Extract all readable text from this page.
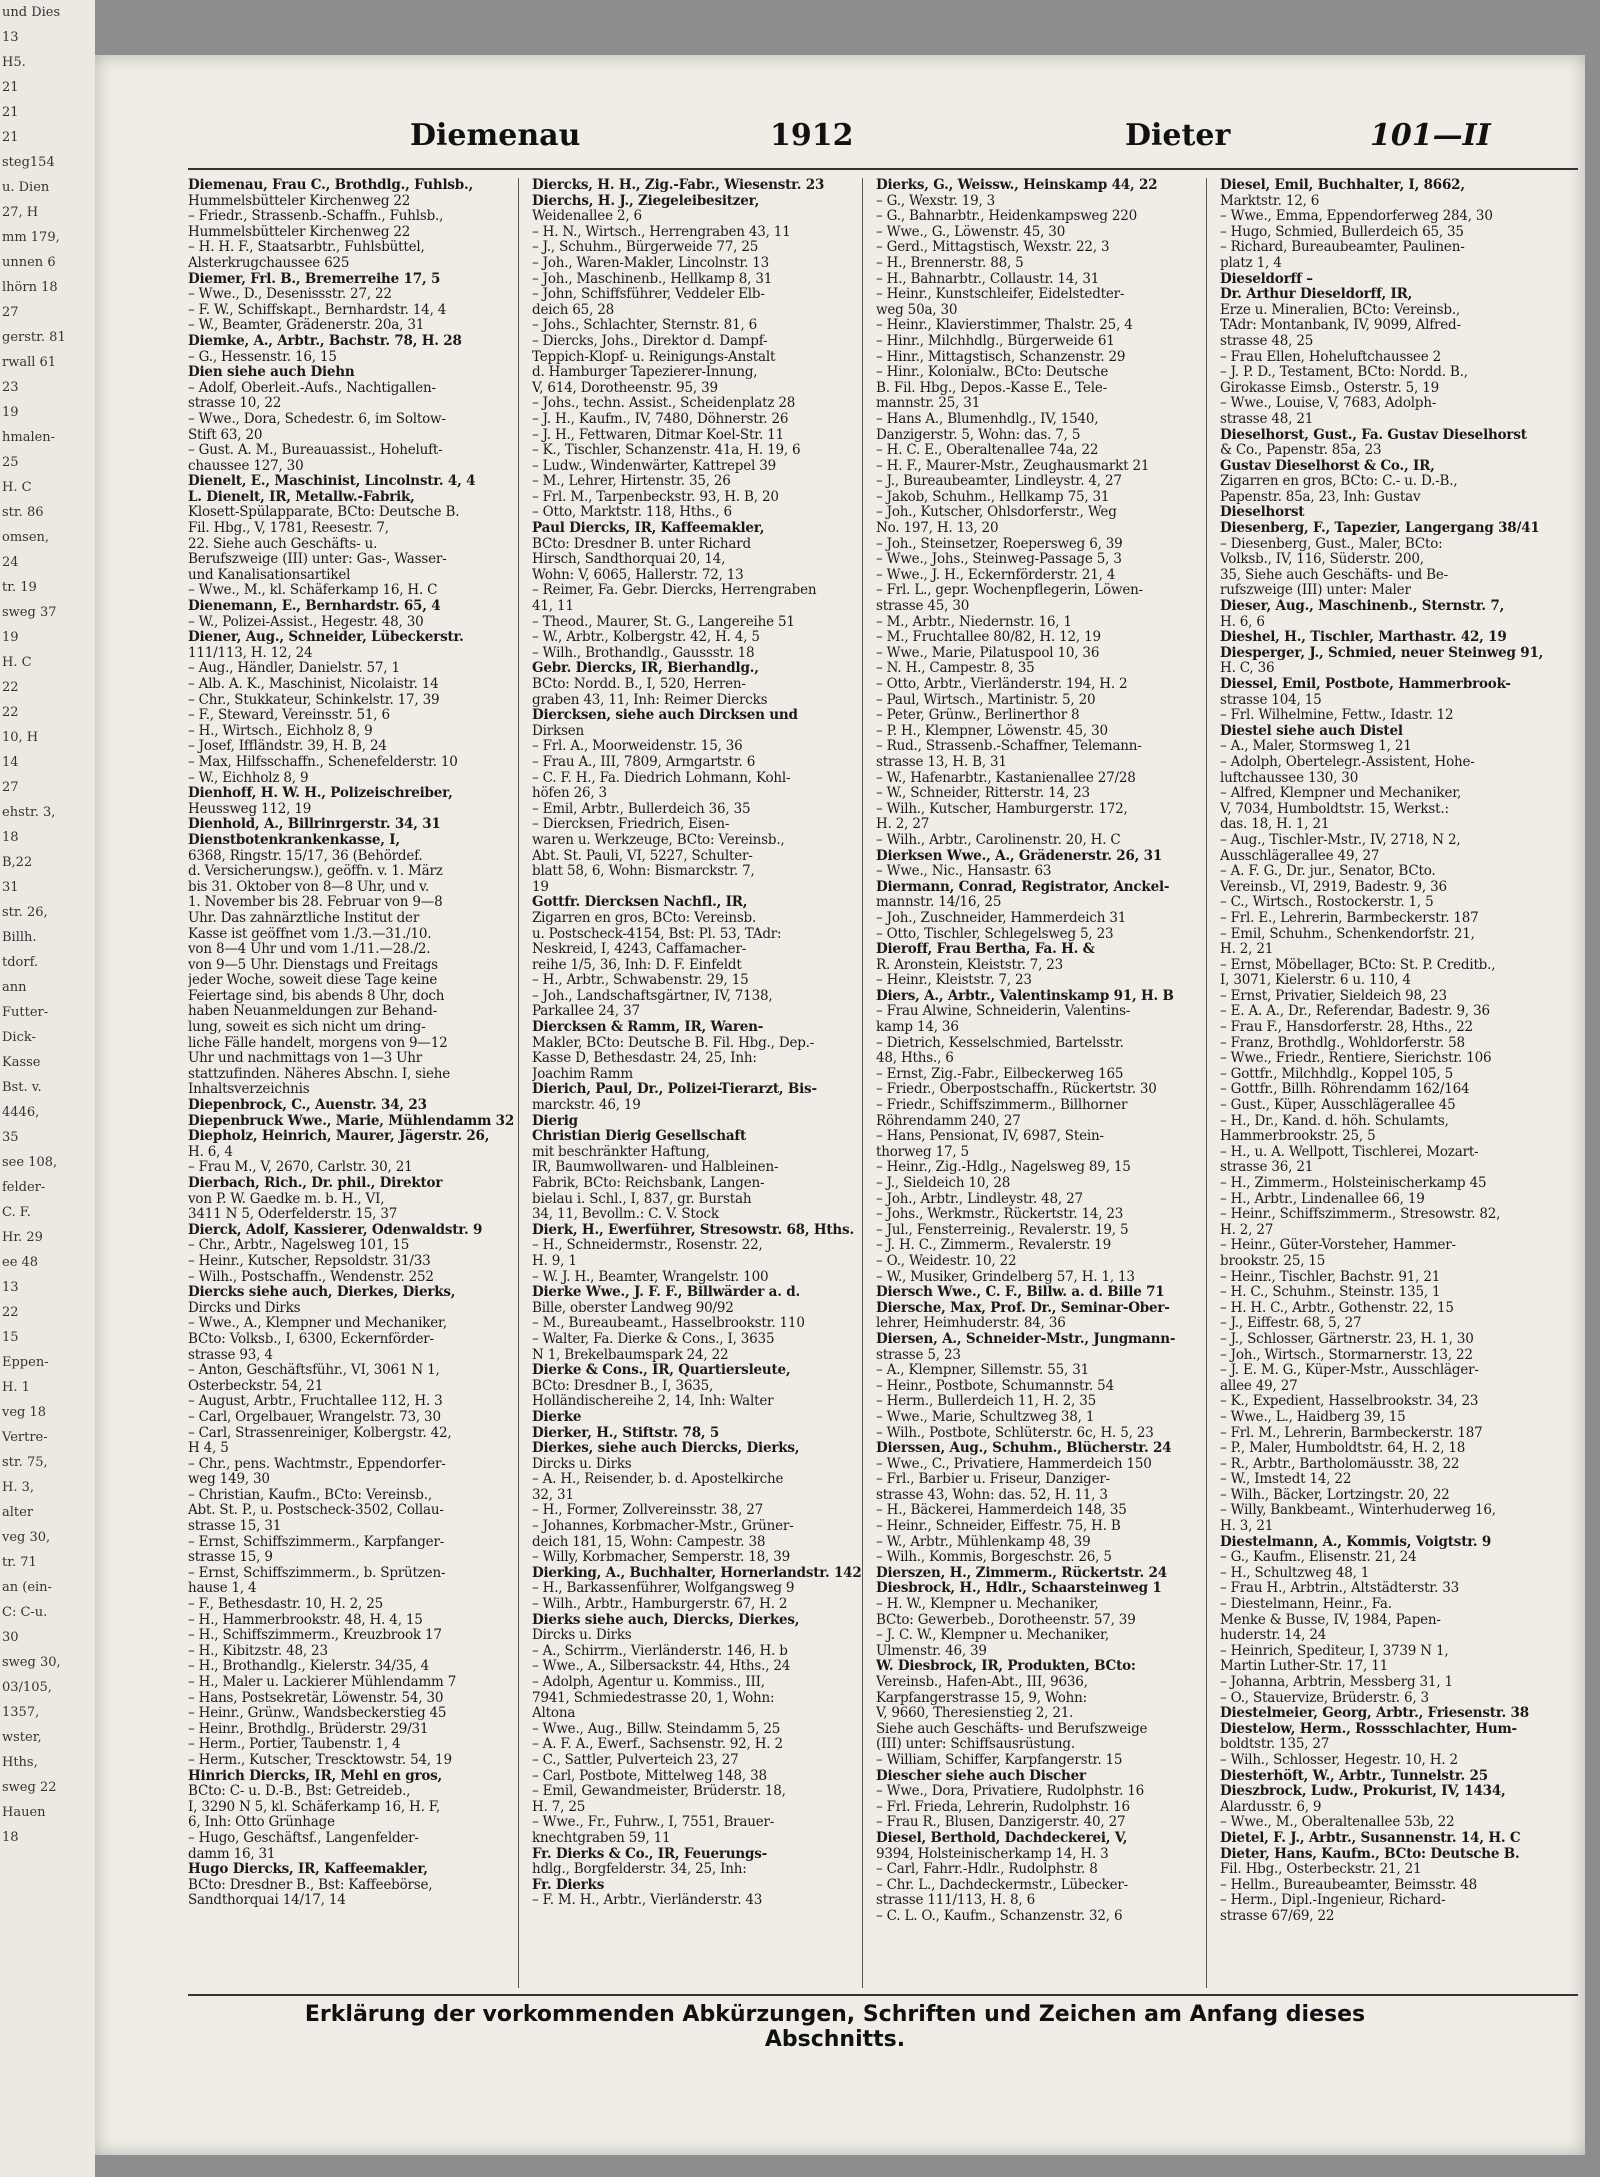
und Dies
13
H5.
21
21
21
steg154
u. Dien
27, H
mm 179,
unnen 6
lhörn 18
27
gerstr. 81
rwall 61
23
19
hmalen-
25
H. C
str. 86
omsen,
24
tr. 19
sweg 37
19
H. C
22
22
10, H
14
27
ehstr. 3,
18
B,22
31
str. 26,
Billh.
tdorf.
ann
Futter-
Dick-
Kasse
Bst. v.
4446,
35
see 108,
felder-
C. F.
Hr. 29
ee 48
13
22
15
Eppen-
H. 1
veg 18
Vertre-
str. 75,
H. 3,
alter
veg 30,
tr. 71
an (ein-
C: C-u.
30
sweg 30,
03/105,
1357,
wster,
Hths,
sweg 22
Hauen
18
Diemenau	1912	Dieter	101—II
Diemenau, Frau C., Brothdlg., Fuhlsb.,
Hummelsbütteler Kirchenweg 22
– Friedr., Strassenb.-Schaffn., Fuhlsb.,
Hummelsbütteler Kirchenweg 22
– H. H. F., Staatsarbtr., Fuhlsbüttel,
Alsterkrugchaussee 625
Diemer, Frl. B., Bremerreihe 17, 5
– Wwe., D., Desenissstr. 27, 22
– F. W., Schiffskapt., Bernhardstr. 14, 4
– W., Beamter, Grädenerstr. 20a, 31
Diemke, A., Arbtr., Bachstr. 78, H. 28
– G., Hessenstr. 16, 15
Dien siehe auch Diehn
– Adolf, Oberleit.-Aufs., Nachtigallen-
strasse 10, 22
– Wwe., Dora, Schedestr. 6, im Soltow-
Stift 63, 20
– Gust. A. M., Bureauassist., Hoheluft-
chaussee 127, 30
Dienelt, E., Maschinist, Lincolnstr. 4, 4
L. Dienelt, IR, Metallw.-Fabrik,
Klosett-Spülapparate, BCto: Deutsche B.
Fil. Hbg., V, 1781, Reesestr. 7,
22. Siehe auch Geschäfts- u.
Berufszweige (III) unter: Gas-, Wasser-
und Kanalisationsartikel
– Wwe., M., kl. Schäferkamp 16, H. C
Dienemann, E., Bernhardstr. 65, 4
– W., Polizei-Assist., Hegestr. 48, 30
Diener, Aug., Schneider, Lübeckerstr.
111/113, H. 12, 24
– Aug., Händler, Danielstr. 57, 1
– Alb. A. K., Maschinist, Nicolaistr. 14
– Chr., Stukkateur, Schinkelstr. 17, 39
– F., Steward, Vereinsstr. 51, 6
– H., Wirtsch., Eichholz 8, 9
– Josef, Iffländstr. 39, H. B, 24
– Max, Hilfsschaffn., Schenefelderstr. 10
– W., Eichholz 8, 9
Dienhoff, H. W. H., Polizeischreiber,
Heussweg 112, 19
Dienhold, A., Billrinrgerstr. 34, 31
Dienstbotenkrankenkasse, I,
6368, Ringstr. 15/17, 36 (Behördef.
d. Versicherungsw.), geöffn. v. 1. März
bis 31. Oktober von 8—8 Uhr, und v.
1. November bis 28. Februar von 9—8
Uhr. Das zahnärztliche Institut der
Kasse ist geöffnet vom 1./3.—31./10.
von 8—4 Uhr und vom 1./11.—28./2.
von 9—5 Uhr. Dienstags und Freitags
jeder Woche, soweit diese Tage keine
Feiertage sind, bis abends 8 Uhr, doch
haben Neuanmeldungen zur Behand-
lung, soweit es sich nicht um dring-
liche Fälle handelt, morgens von 9—12
Uhr und nachmittags von 1—3 Uhr
stattzufinden. Näheres Abschn. I, siehe
Inhaltsverzeichnis
Diepenbrock, C., Auenstr. 34, 23
Diepenbruck Wwe., Marie, Mühlendamm 32
Diepholz, Heinrich, Maurer, Jägerstr. 26,
H. 6, 4
– Frau M., V, 2670, Carlstr. 30, 21
Dierbach, Rich., Dr. phil., Direktor
von P. W. Gaedke m. b. H., VI,
3411 N 5, Oderfelderstr. 15, 37
Dierck, Adolf, Kassierer, Odenwaldstr. 9
– Chr., Arbtr., Nagelsweg 101, 15
– Heinr., Kutscher, Repsoldstr. 31/33
– Wilh., Postschaffn., Wendenstr. 252
Diercks siehe auch, Dierkes, Dierks,
Dircks und Dirks
– Wwe., A., Klempner und Mechaniker,
BCto: Volksb., I, 6300, Eckernförder-
strasse 93, 4
– Anton, Geschäftsführ., VI, 3061 N 1,
Osterbeckstr. 54, 21
– August, Arbtr., Fruchtallee 112, H. 3
– Carl, Orgelbauer, Wrangelstr. 73, 30
– Carl, Strassenreiniger, Kolbergstr. 42,
H 4, 5
– Chr., pens. Wachtmstr., Eppendorfer-
weg 149, 30
– Christian, Kaufm., BCto: Vereinsb.,
Abt. St. P., u. Postscheck-3502, Collau-
strasse 15, 31
– Ernst, Schiffszimmerm., Karpfanger-
strasse 15, 9
– Ernst, Schiffszimmerm., b. Sprützen-
hause 1, 4
– F., Bethesdastr. 10, H. 2, 25
– H., Hammerbrookstr. 48, H. 4, 15
– H., Schiffszimmerm., Kreuzbrook 17
– H., Kibitzstr. 48, 23
– H., Brothandlg., Kielerstr. 34/35, 4
– H., Maler u. Lackierer Mühlendamm 7
– Hans, Postsekretär, Löwenstr. 54, 30
– Heinr., Grünw., Wandsbeckerstieg 45
– Heinr., Brothdlg., Brüderstr. 29/31
– Herm., Portier, Taubenstr. 1, 4
– Herm., Kutscher, Trescktowstr. 54, 19
Hinrich Diercks, IR, Mehl en gros,
BCto: C- u. D.-B., Bst: Getreideb.,
I, 3290 N 5, kl. Schäferkamp 16, H. F,
6, Inh: Otto Grünhage
– Hugo, Geschäftsf., Langenfelder-
damm 16, 31
Hugo Diercks, IR, Kaffeemakler,
BCto: Dresdner B., Bst: Kaffeebörse,
Sandthorquai 14/17, 14
Diercks, H. H., Zig.-Fabr., Wiesenstr. 23
Dierchs, H. J., Ziegeleibesitzer,
Weidenallee 2, 6
– H. N., Wirtsch., Herrengraben 43, 11
– J., Schuhm., Bürgerweide 77, 25
– Joh., Waren-Makler, Lincolnstr. 13
– Joh., Maschinenb., Hellkamp 8, 31
– John, Schiffsführer, Veddeler Elb-
deich 65, 28
– Johs., Schlachter, Sternstr. 81, 6
– Diercks, Johs., Direktor d. Dampf-
Teppich-Klopf- u. Reinigungs-Anstalt
d. Hamburger Tapezierer-Innung,
V, 614, Dorotheenstr. 95, 39
– Johs., techn. Assist., Scheidenplatz 28
– J. H., Kaufm., IV, 7480, Döhnerstr. 26
– J. H., Fettwaren, Ditmar Koel-Str. 11
– K., Tischler, Schanzenstr. 41a, H. 19, 6
– Ludw., Windenwärter, Kattrepel 39
– M., Lehrer, Hirtenstr. 35, 26
– Frl. M., Tarpenbeckstr. 93, H. B, 20
– Otto, Marktstr. 118, Hths., 6
Paul Diercks, IR, Kaffeemakler,
BCto: Dresdner B. unter Richard
Hirsch, Sandthorquai 20, 14,
Wohn: V, 6065, Hallerstr. 72, 13
– Reimer, Fa. Gebr. Diercks, Herrengraben
41, 11
– Theod., Maurer, St. G., Langereihe 51
– W., Arbtr., Kolbergstr. 42, H. 4, 5
– Wilh., Brothandlg., Gaussstr. 18
Gebr. Diercks, IR, Bierhandlg.,
BCto: Nordd. B., I, 520, Herren-
graben 43, 11, Inh: Reimer Diercks
Diercksen, siehe auch Dircksen und
Dirksen
– Frl. A., Moorweidenstr. 15, 36
– Frau A., III, 7809, Armgartstr. 6
– C. F. H., Fa. Diedrich Lohmann, Kohl-
höfen 26, 3
– Emil, Arbtr., Bullerdeich 36, 35
– Diercksen, Friedrich, Eisen-
waren u. Werkzeuge, BCto: Vereinsb.,
Abt. St. Pauli, VI, 5227, Schulter-
blatt 58, 6, Wohn: Bismarckstr. 7,
19
Gottfr. Diercksen Nachfl., IR,
Zigarren en gros, BCto: Vereinsb.
u. Postscheck-4154, Bst: Pl. 53, TAdr:
Neskreid, I, 4243, Caffamacher-
reihe 1/5, 36, Inh: D. F. Einfeldt
– H., Arbtr., Schwabenstr. 29, 15
– Joh., Landschaftsgärtner, IV, 7138,
Parkallee 24, 37
Diercksen & Ramm, IR, Waren-
Makler, BCto: Deutsche B. Fil. Hbg., Dep.-
Kasse D, Bethesdastr. 24, 25, Inh:
Joachim Ramm
Dierich, Paul, Dr., Polizei-Tierarzt, Bis-
marckstr. 46, 19
Dierig
Christian Dierig Gesellschaft
mit beschränkter Haftung,
IR, Baumwollwaren- und Halbleinen-
Fabrik, BCto: Reichsbank, Langen-
bielau i. Schl., I, 837, gr. Burstah
34, 11, Bevollm.: C. V. Stock
Dierk, H., Ewerführer, Stresowstr. 68, Hths.
– H., Schneidermstr., Rosenstr. 22,
H. 9, 1
– W. J. H., Beamter, Wrangelstr. 100
Dierke Wwe., J. F. F., Billwärder a. d.
Bille, oberster Landweg 90/92
– M., Bureaubeamt., Hasselbrookstr. 110
– Walter, Fa. Dierke & Cons., I, 3635
N 1, Brekelbaumspark 24, 22
Dierke & Cons., IR, Quartiersleute,
BCto: Dresdner B., I, 3635,
Holländischereihe 2, 14, Inh: Walter
Dierke
Dierker, H., Stiftstr. 78, 5
Dierkes, siehe auch Diercks, Dierks,
Dircks u. Dirks
– A. H., Reisender, b. d. Apostelkirche
32, 31
– H., Former, Zollvereinsstr. 38, 27
– Johannes, Korbmacher-Mstr., Grüner-
deich 181, 15, Wohn: Campestr. 38
– Willy, Korbmacher, Semperstr. 18, 39
Dierking, A., Buchhalter, Hornerlandstr. 142
– H., Barkassenführer, Wolfgangsweg 9
– Wilh., Arbtr., Hamburgerstr. 67, H. 2
Dierks siehe auch, Diercks, Dierkes,
Dircks u. Dirks
– A., Schirrm., Vierländerstr. 146, H. b
– Wwe., A., Silbersackstr. 44, Hths., 24
– Adolph, Agentur u. Kommiss., III,
7941, Schmiedestrasse 20, 1, Wohn:
Altona
– Wwe., Aug., Billw. Steindamm 5, 25
– A. F. A., Ewerf., Sachsenstr. 92, H. 2
– C., Sattler, Pulverteich 23, 27
– Carl, Postbote, Mittelweg 148, 38
– Emil, Gewandmeister, Brüderstr. 18,
H. 7, 25
– Wwe., Fr., Fuhrw., I, 7551, Brauer-
knechtgraben 59, 11
Fr. Dierks & Co., IR, Feuerungs-
hdlg., Borgfelderstr. 34, 25, Inh:
Fr. Dierks
– F. M. H., Arbtr., Vierländerstr. 43
Dierks, G., Weissw., Heinskamp 44, 22
– G., Wexstr. 19, 3
– G., Bahnarbtr., Heidenkampsweg 220
– Wwe., G., Löwenstr. 45, 30
– Gerd., Mittagstisch, Wexstr. 22, 3
– H., Brennerstr. 88, 5
– H., Bahnarbtr., Collaustr. 14, 31
– Heinr., Kunstschleifer, Eidelstedter-
weg 50a, 30
– Heinr., Klavierstimmer, Thalstr. 25, 4
– Hinr., Milchhdlg., Bürgerweide 61
– Hinr., Mittagstisch, Schanzenstr. 29
– Hinr., Kolonialw., BCto: Deutsche
B. Fil. Hbg., Depos.-Kasse E., Tele-
mannstr. 25, 31
– Hans A., Blumenhdlg., IV, 1540,
Danzigerstr. 5, Wohn: das. 7, 5
– H. C. E., Oberaltenallee 74a, 22
– H. F., Maurer-Mstr., Zeughausmarkt 21
– J., Bureaubeamter, Lindleystr. 4, 27
– Jakob, Schuhm., Hellkamp 75, 31
– Joh., Kutscher, Ohlsdorferstr., Weg
No. 197, H. 13, 20
– Joh., Steinsetzer, Roepersweg 6, 39
– Wwe., Johs., Steinweg-Passage 5, 3
– Wwe., J. H., Eckernförderstr. 21, 4
– Frl. L., gepr. Wochenpflegerin, Löwen-
strasse 45, 30
– M., Arbtr., Niedernstr. 16, 1
– M., Fruchtallee 80/82, H. 12, 19
– Wwe., Marie, Pilatuspool 10, 36
– N. H., Campestr. 8, 35
– Otto, Arbtr., Vierländerstr. 194, H. 2
– Paul, Wirtsch., Martinistr. 5, 20
– Peter, Grünw., Berlinerthor 8
– P. H., Klempner, Löwenstr. 45, 30
– Rud., Strassenb.-Schaffner, Telemann-
strasse 13, H. B, 31
– W., Hafenarbtr., Kastanienallee 27/28
– W., Schneider, Ritterstr. 14, 23
– Wilh., Kutscher, Hamburgerstr. 172,
H. 2, 27
– Wilh., Arbtr., Carolinenstr. 20, H. C
Dierksen Wwe., A., Grädenerstr. 26, 31
– Wwe., Nic., Hansastr. 63
Diermann, Conrad, Registrator, Anckel-
mannstr. 14/16, 25
– Joh., Zuschneider, Hammerdeich 31
– Otto, Tischler, Schlegelsweg 5, 23
Dieroff, Frau Bertha, Fa. H. &
R. Aronstein, Kleiststr. 7, 23
– Heinr., Kleiststr. 7, 23
Diers, A., Arbtr., Valentinskamp 91, H. B
– Frau Alwine, Schneiderin, Valentins-
kamp 14, 36
– Dietrich, Kesselschmied, Bartelsstr.
48, Hths., 6
– Ernst, Zig.-Fabr., Eilbeckerweg 165
– Friedr., Oberpostschaffn., Rückertstr. 30
– Friedr., Schiffszimmerm., Billhorner
Röhrendamm 240, 27
– Hans, Pensionat, IV, 6987, Stein-
thorweg 17, 5
– Heinr., Zig.-Hdlg., Nagelsweg 89, 15
– J., Sieldeich 10, 28
– Joh., Arbtr., Lindleystr. 48, 27
– Johs., Werkmstr., Rückertstr. 14, 23
– Jul., Fensterreinig., Revalerstr. 19, 5
– J. H. C., Zimmerm., Revalerstr. 19
– O., Weidestr. 10, 22
– W., Musiker, Grindelberg 57, H. 1, 13
Diersch Wwe., C. F., Billw. a. d. Bille 71
Diersche, Max, Prof. Dr., Seminar-Ober-
lehrer, Heimhuderstr. 84, 36
Diersen, A., Schneider-Mstr., Jungmann-
strasse 5, 23
– A., Klempner, Sillemstr. 55, 31
– Heinr., Postbote, Schumannstr. 54
– Herm., Bullerdeich 11, H. 2, 35
– Wwe., Marie, Schultzweg 38, 1
– Wilh., Postbote, Schlüterstr. 6c, H. 5, 23
Dierssen, Aug., Schuhm., Blücherstr. 24
– Wwe., C., Privatiere, Hammerdeich 150
– Frl., Barbier u. Friseur, Danziger-
strasse 43, Wohn: das. 52, H. 11, 3
– H., Bäckerei, Hammerdeich 148, 35
– Heinr., Schneider, Eiffestr. 75, H. B
– W., Arbtr., Mühlenkamp 48, 39
– Wilh., Kommis, Borgeschstr. 26, 5
Dierszen, H., Zimmerm., Rückertstr. 24
Diesbrock, H., Hdlr., Schaarsteinweg 1
– H. W., Klempner u. Mechaniker,
BCto: Gewerbeb., Dorotheenstr. 57, 39
– J. C. W., Klempner u. Mechaniker,
Ulmenstr. 46, 39
W. Diesbrock, IR, Produkten, BCto:
Vereinsb., Hafen-Abt., III, 9636,
Karpfangerstrasse 15, 9, Wohn:
V, 9660, Theresienstieg 2, 21.
Siehe auch Geschäfts- und Berufszweige
(III) unter: Schiffsausrüstung.
– William, Schiffer, Karpfangerstr. 15
Diescher siehe auch Discher
– Wwe., Dora, Privatiere, Rudolphstr. 16
– Frl. Frieda, Lehrerin, Rudolphstr. 16
– Frau R., Blusen, Danzigerstr. 40, 27
Diesel, Berthold, Dachdeckerei, V,
9394, Holsteinischerkamp 14, H. 3
– Carl, Fahrr.-Hdlr., Rudolphstr. 8
– Chr. L., Dachdeckermstr., Lübecker-
strasse 111/113, H. 8, 6
– C. L. O., Kaufm., Schanzenstr. 32, 6
Diesel, Emil, Buchhalter, I, 8662,
Marktstr. 12, 6
– Wwe., Emma, Eppendorferweg 284, 30
– Hugo, Schmied, Bullerdeich 65, 35
– Richard, Bureaubeamter, Paulinen-
platz 1, 4
Dieseldorff –
Dr. Arthur Dieseldorff, IR,
Erze u. Mineralien, BCto: Vereinsb.,
TAdr: Montanbank, IV, 9099, Alfred-
strasse 48, 25
– Frau Ellen, Hoheluftchaussee 2
– J. P. D., Testament, BCto: Nordd. B.,
Girokasse Eimsb., Osterstr. 5, 19
– Wwe., Louise, V, 7683, Adolph-
strasse 48, 21
Dieselhorst, Gust., Fa. Gustav Dieselhorst
& Co., Papenstr. 85a, 23
Gustav Dieselhorst & Co., IR,
Zigarren en gros, BCto: C.- u. D.-B.,
Papenstr. 85a, 23, Inh: Gustav
Dieselhorst
Diesenberg, F., Tapezier, Langergang 38/41
– Diesenberg, Gust., Maler, BCto:
Volksb., IV, 116, Süderstr. 200,
35, Siehe auch Geschäfts- und Be-
rufszweige (III) unter: Maler
Dieser, Aug., Maschinenb., Sternstr. 7,
H. 6, 6
Dieshel, H., Tischler, Marthastr. 42, 19
Diesperger, J., Schmied, neuer Steinweg 91,
H. C, 36
Diessel, Emil, Postbote, Hammerbrook-
strasse 104, 15
– Frl. Wilhelmine, Fettw., Idastr. 12
Diestel siehe auch Distel
– A., Maler, Stormsweg 1, 21
– Adolph, Obertelegr.-Assistent, Hohe-
luftchaussee 130, 30
– Alfred, Klempner und Mechaniker,
V, 7034, Humboldtstr. 15, Werkst.:
das. 18, H. 1, 21
– Aug., Tischler-Mstr., IV, 2718, N 2,
Ausschlägerallee 49, 27
– A. F. G., Dr. jur., Senator, BCto.
Vereinsb., VI, 2919, Badestr. 9, 36
– C., Wirtsch., Rostockerstr. 1, 5
– Frl. E., Lehrerin, Barmbeckerstr. 187
– Emil, Schuhm., Schenkendorfstr. 21,
H. 2, 21
– Ernst, Möbellager, BCto: St. P. Creditb.,
I, 3071, Kielerstr. 6 u. 110, 4
– Ernst, Privatier, Sieldeich 98, 23
– E. A. A., Dr., Referendar, Badestr. 9, 36
– Frau F., Hansdorferstr. 28, Hths., 22
– Franz, Brothdlg., Wohldorferstr. 58
– Wwe., Friedr., Rentiere, Sierichstr. 106
– Gottfr., Milchhdlg., Koppel 105, 5
– Gottfr., Billh. Röhrendamm 162/164
– Gust., Küper, Ausschlägerallee 45
– H., Dr., Kand. d. höh. Schulamts,
Hammerbrookstr. 25, 5
– H., u. A. Wellpott, Tischlerei, Mozart-
strasse 36, 21
– H., Zimmerm., Holsteinischerkamp 45
– H., Arbtr., Lindenallee 66, 19
– Heinr., Schiffszimmerm., Stresowstr. 82,
H. 2, 27
– Heinr., Güter-Vorsteher, Hammer-
brookstr. 25, 15
– Heinr., Tischler, Bachstr. 91, 21
– H. C., Schuhm., Steinstr. 135, 1
– H. H. C., Arbtr., Gothenstr. 22, 15
– J., Eiffestr. 68, 5, 27
– J., Schlosser, Gärtnerstr. 23, H. 1, 30
– Joh., Wirtsch., Stormarnerstr. 13, 22
– J. E. M. G., Küper-Mstr., Ausschläger-
allee 49, 27
– K., Expedient, Hasselbrookstr. 34, 23
– Wwe., L., Haidberg 39, 15
– Frl. M., Lehrerin, Barmbeckerstr. 187
– P., Maler, Humboldtstr. 64, H. 2, 18
– R., Arbtr., Bartholomäusstr. 38, 22
– W., Imstedt 14, 22
– Wilh., Bäcker, Lortzingstr. 20, 22
– Willy, Bankbeamt., Winterhuderweg 16,
H. 3, 21
Diestelmann, A., Kommis, Voigtstr. 9
– G., Kaufm., Elisenstr. 21, 24
– H., Schultzweg 48, 1
– Frau H., Arbtrin., Altstädterstr. 33
– Diestelmann, Heinr., Fa.
Menke & Busse, IV, 1984, Papen-
huderstr. 14, 24
– Heinrich, Spediteur, I, 3739 N 1,
Martin Luther-Str. 17, 11
– Johanna, Arbtrin, Messberg 31, 1
– O., Stauervize, Brüderstr. 6, 3
Diestelmeier, Georg, Arbtr., Friesenstr. 38
Diestelow, Herm., Rossschlachter, Hum-
boldtstr. 135, 27
– Wilh., Schlosser, Hegestr. 10, H. 2
Diesterhöft, W., Arbtr., Tunnelstr. 25
Dieszbrock, Ludw., Prokurist, IV, 1434,
Alardusstr. 6, 9
– Wwe., M., Oberaltenallee 53b, 22
Dietel, F. J., Arbtr., Susannenstr. 14, H. C
Dieter, Hans, Kaufm., BCto: Deutsche B.
Fil. Hbg., Osterbeckstr. 21, 21
– Hellm., Bureaubeamter, Beimsstr. 48
– Herm., Dipl.-Ingenieur, Richard-
strasse 67/69, 22
Erklärung der vorkommenden Abkürzungen, Schriften und Zeichen am Anfang dieses Abschnitts.
